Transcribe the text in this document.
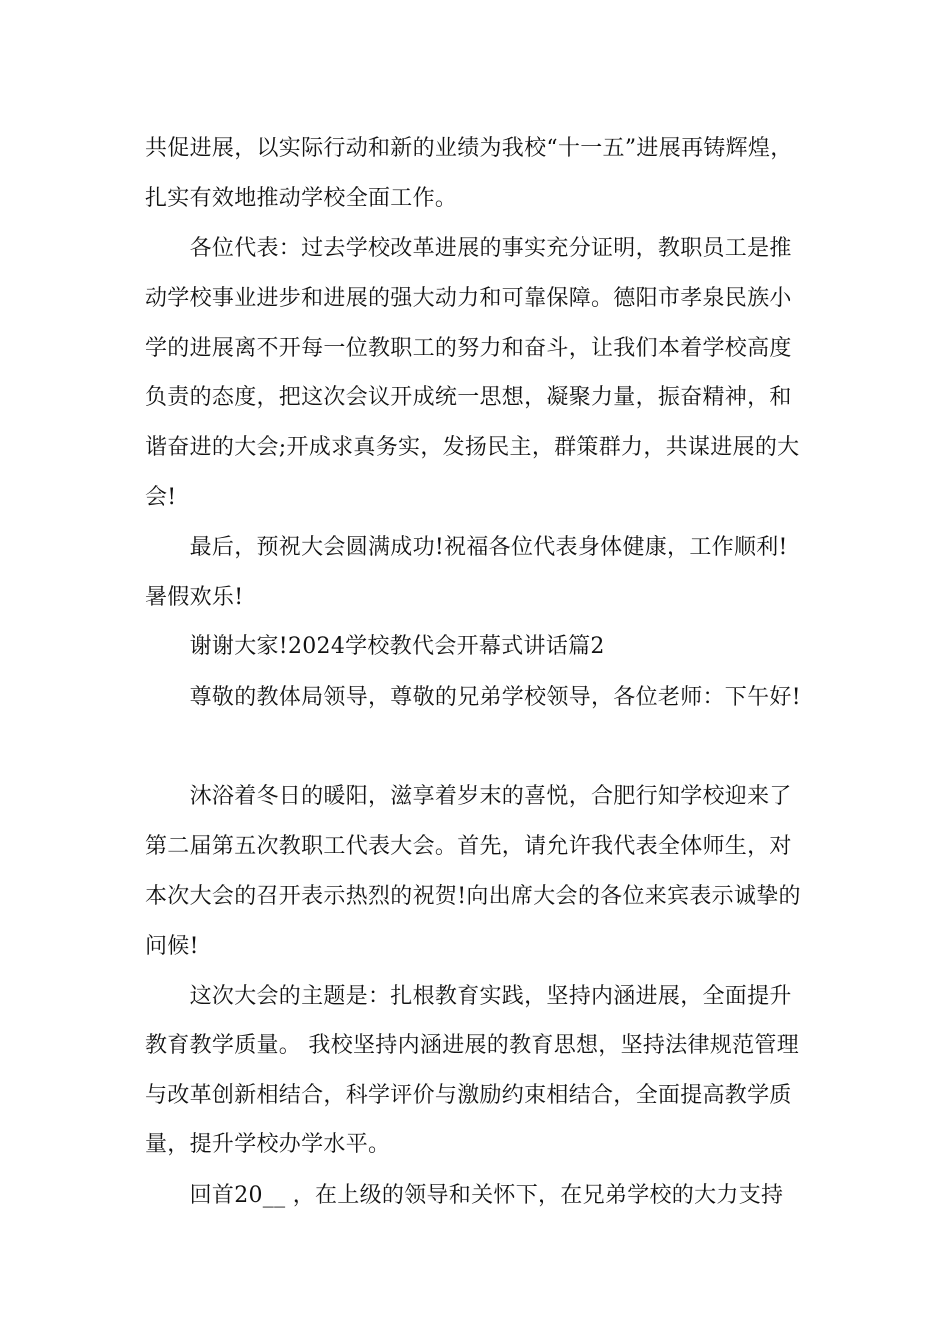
共促进展，以实际行动和新的业绩为我校“十一五”进展再铸辉煌，
扎实有效地推动学校全面工作。
　　各位代表：过去学校改革进展的事实充分证明，教职员工是推
动学校事业进步和进展的强大动力和可靠保障。德阳市孝泉民族小
学的进展离不开每一位教职工的努力和奋斗，让我们本着学校高度
负责的态度，把这次会议开成统一思想，凝聚力量，振奋精神，和
谐奋进的大会;开成求真务实，发扬民主，群策群力，共谋进展的大
会!
　　最后，预祝大会圆满成功!祝福各位代表身体健康，工作顺利!
暑假欢乐!
　　谢谢大家!2024学校教代会开幕式讲话篇2
　　尊敬的教体局领导，尊敬的兄弟学校领导，各位老师：下午好!
　　沐浴着冬日的暖阳，滋享着岁末的喜悦，合肥行知学校迎来了
第二届第五次教职工代表大会。首先，请允许我代表全体师生，对
本次大会的召开表示热烈的祝贺!向出席大会的各位来宾表示诚挚的
问候!
　　这次大会的主题是：扎根教育实践，坚持内涵进展，全面提升
教育教学质量。 我校坚持内涵进展的教育思想，坚持法律规范管理
与改革创新相结合，科学评价与激励约束相结合，全面提高教学质
量，提升学校办学水平。
　　回首20__ ，在上级的领导和关怀下，在兄弟学校的大力支持
